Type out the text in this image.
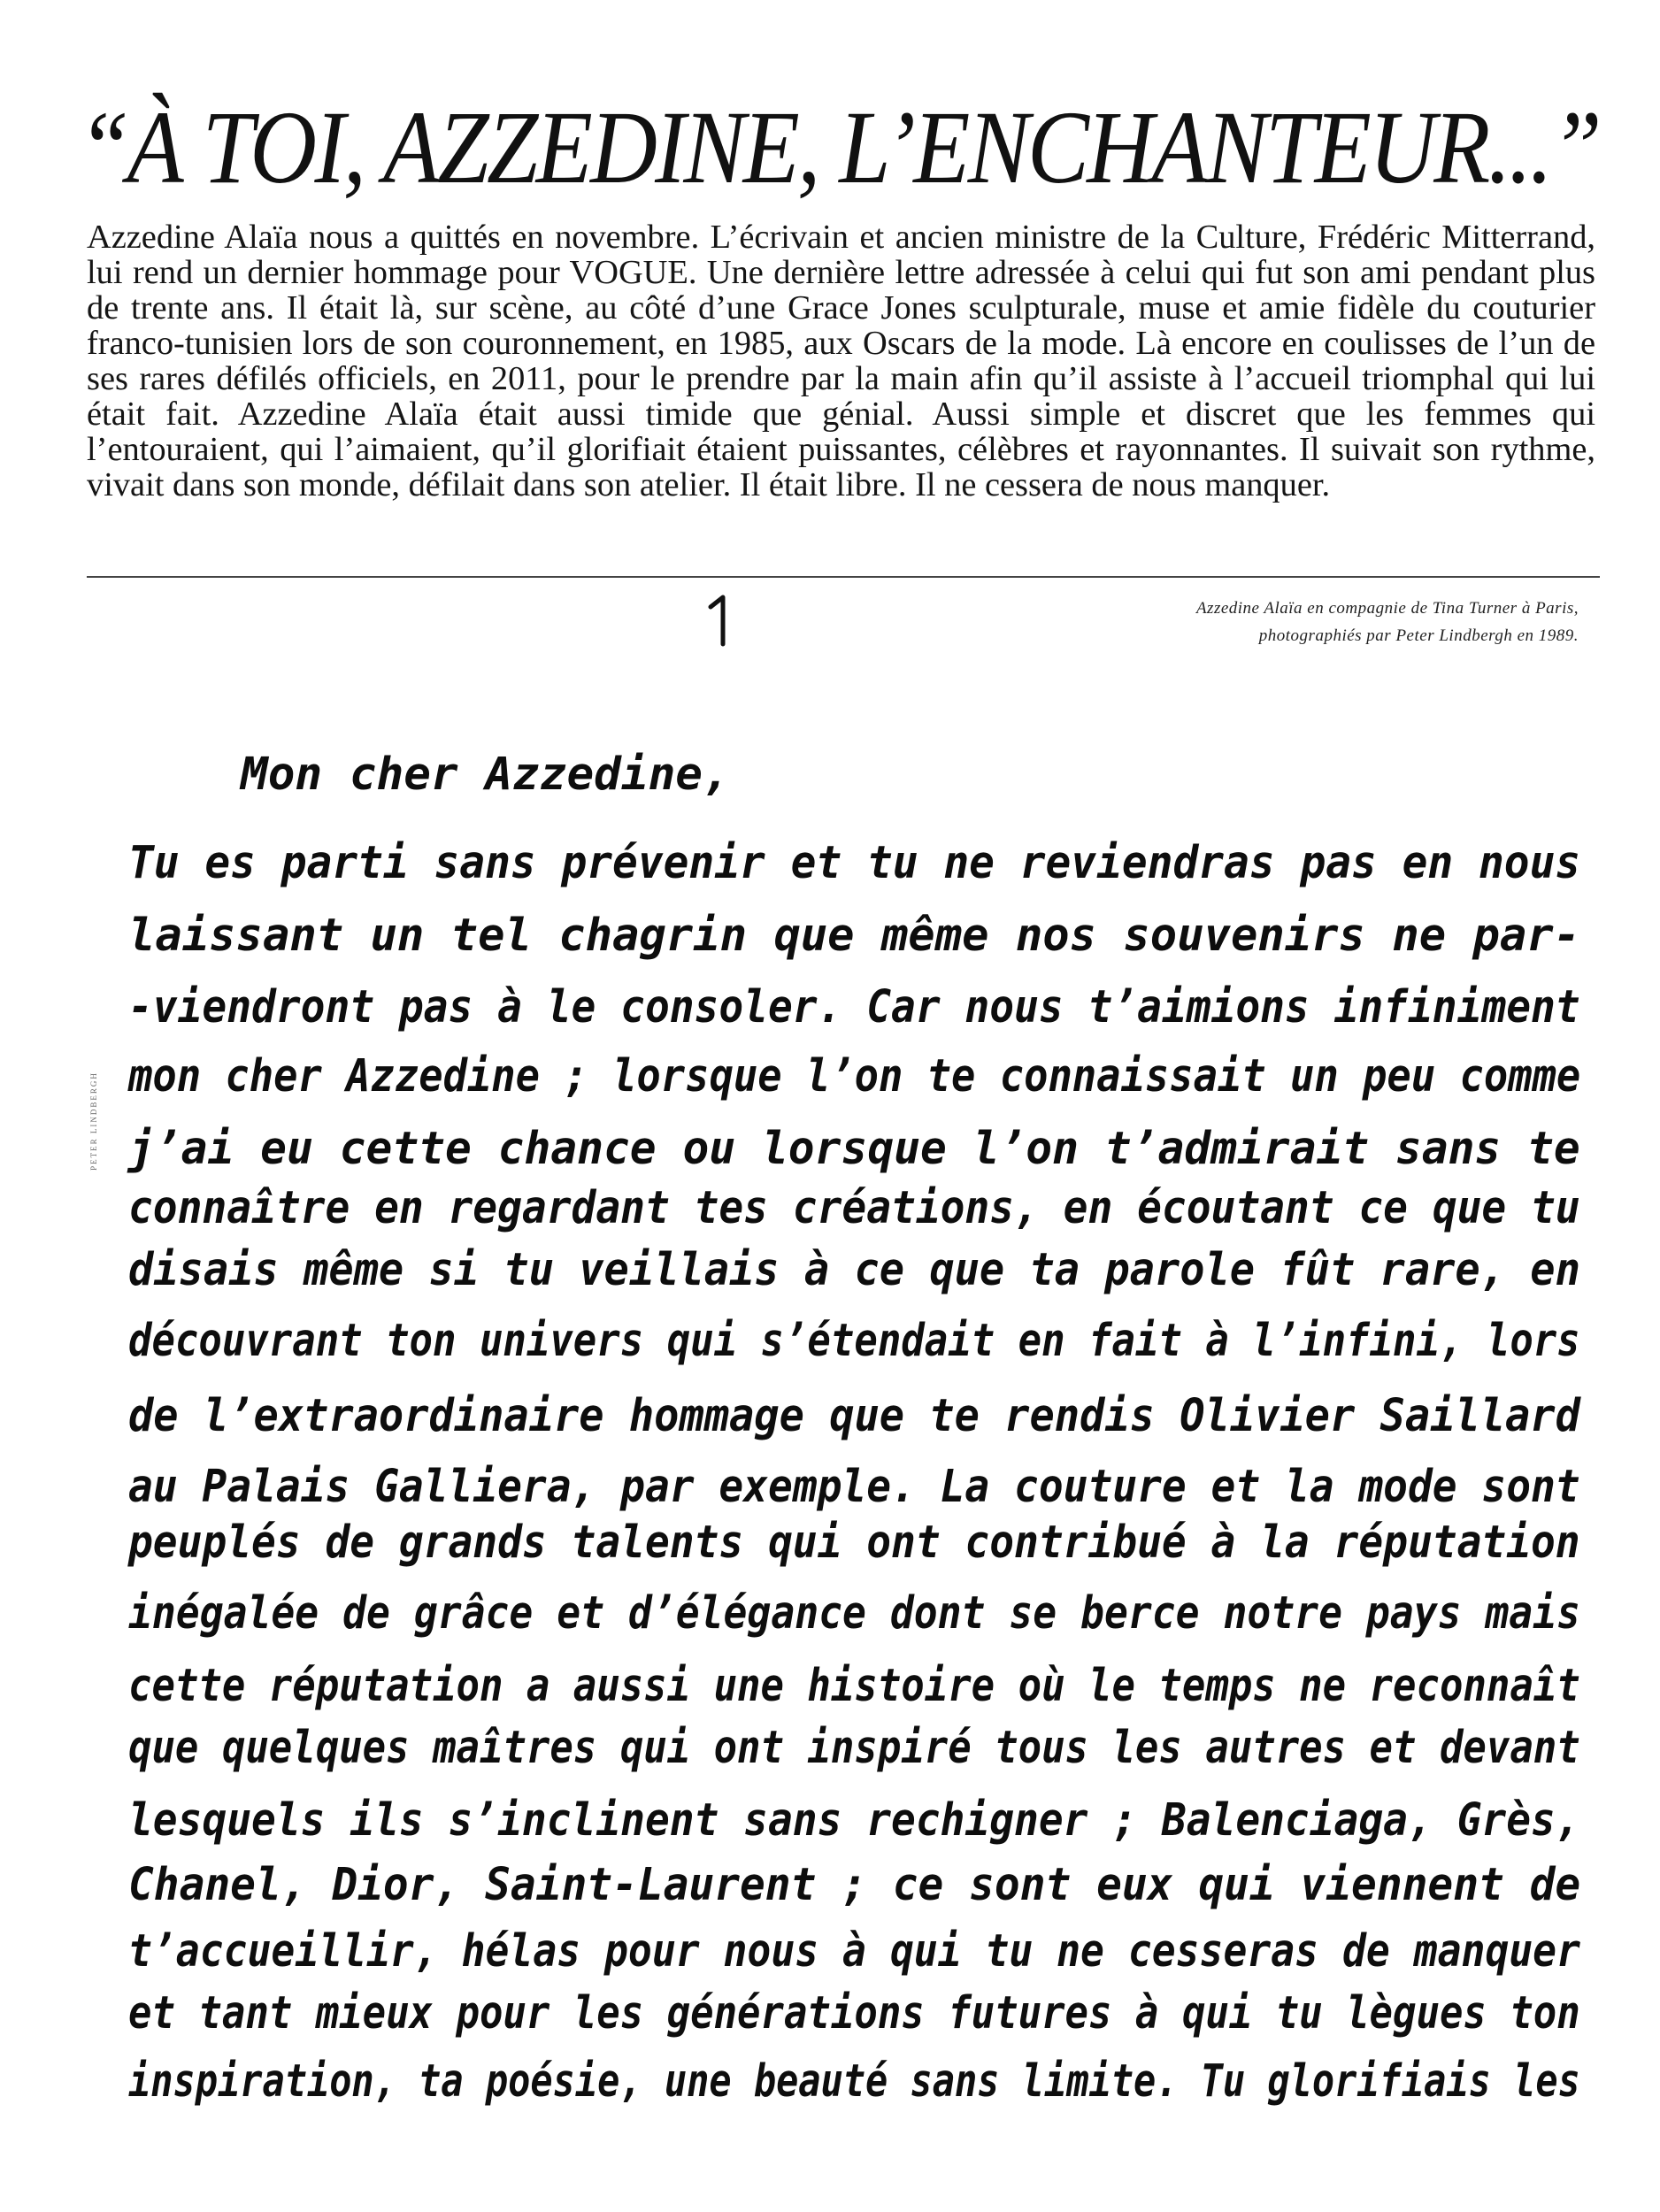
“À TOI, AZZEDINE, L’ENCHANTEUR...”

Azzedine Alaïa nous a quittés en novembre. L’écrivain et ancien ministre de la Culture, Frédéric Mitterrand, lui rend un dernier hommage pour VOGUE. Une dernière lettre adressée à celui qui fut son ami pendant plus de trente ans. Il était là, sur scène, au côté d’une Grace Jones sculpturale, muse et amie fidèle du couturier franco-tunisien lors de son couronnement, en 1985, aux Oscars de la mode. Là encore en coulisses de l’un de ses rares défilés officiels, en 2011, pour le prendre par la main afin qu’il assiste à l’accueil triomphal qui lui était fait. Azzedine Alaïa était aussi timide que génial. Aussi simple et discret que les femmes qui l’entouraient, qui l’aimaient, qu’il glorifiait étaient puissantes, célèbres et rayonnantes. Il suivait son rythme, vivait dans son monde, défilait dans son atelier. Il était libre. Il ne cessera de nous manquer.

Azzedine Alaïa en compagnie de Tina Turner à Paris,
photographiés par Peter Lindbergh en 1989.
PETER LINDBERGH
Mon cher Azzedine,
Tu es parti sans prévenir et tu ne reviendras pas en nous
laissant un tel chagrin que même nos souvenirs ne par-
-viendront pas à le consoler. Car nous t’aimions infiniment
mon cher Azzedine ; lorsque l’on te connaissait un peu comme
j’ai eu cette chance ou lorsque l’on t’admirait sans te
connaître en regardant tes créations, en écoutant ce que tu
disais même si tu veillais à ce que ta parole fût rare, en
découvrant ton univers qui s’étendait en fait à l’infini, lors
de l’extraordinaire hommage que te rendis Olivier Saillard
au Palais Galliera, par exemple. La couture et la mode sont
peuplés de grands talents qui ont contribué à la réputation
inégalée de grâce et d’élégance dont se berce notre pays mais
cette réputation a aussi une histoire où le temps ne reconnaît
que quelques maîtres qui ont inspiré tous les autres et devant
lesquels ils s’inclinent sans rechigner ; Balenciaga, Grès,
Chanel, Dior, Saint-Laurent ; ce sont eux qui viennent de
t’accueillir, hélas pour nous à qui tu ne cesseras de manquer
et tant mieux pour les générations futures à qui tu lègues ton
inspiration, ta poésie, une beauté sans limite. Tu glorifiais les
